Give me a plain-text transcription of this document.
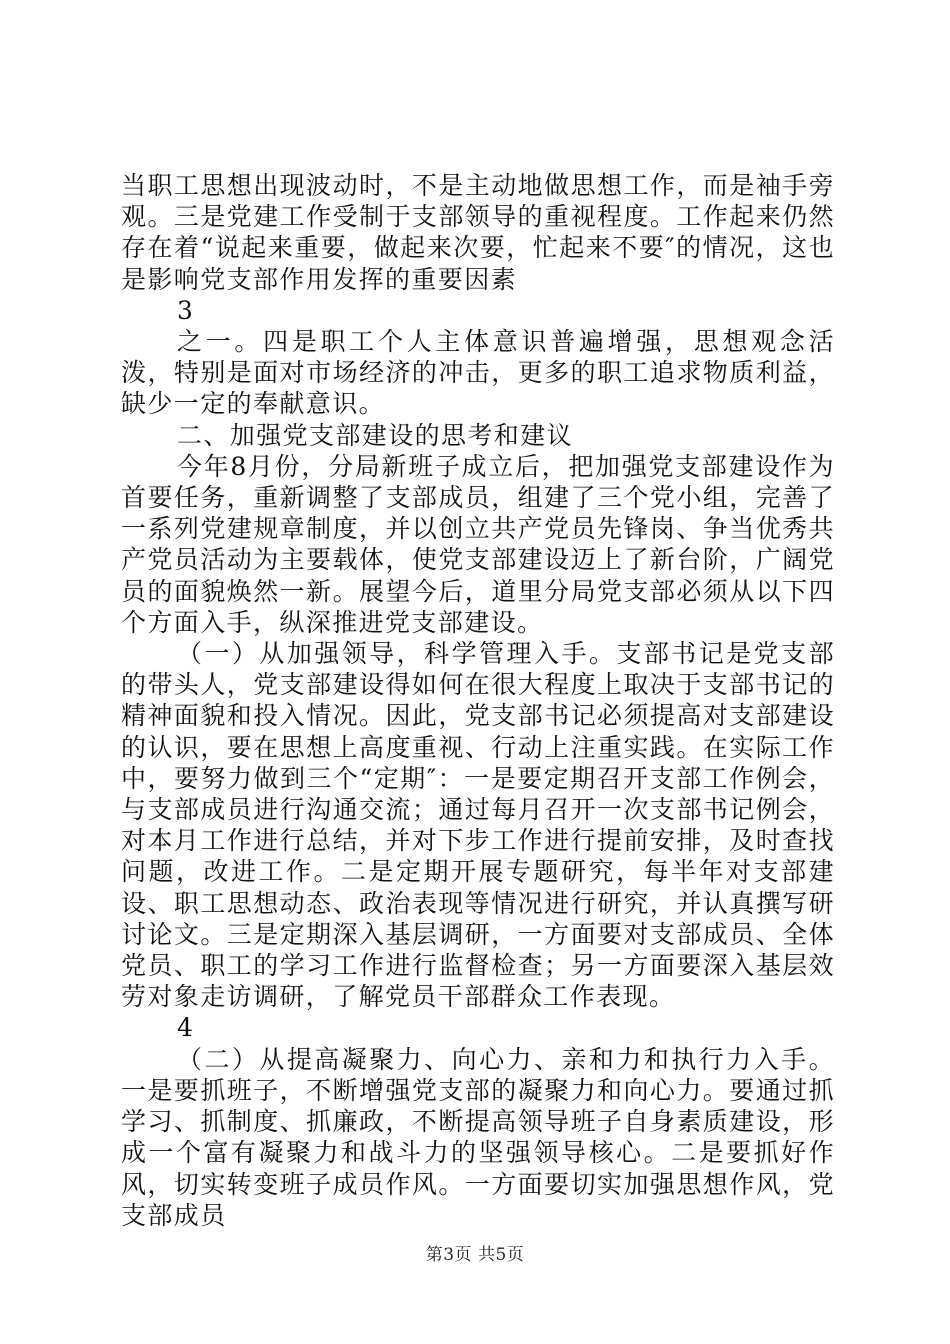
当职工思想出现波动时，不是主动地做思想工作，而是袖手旁观。三是党建工作受制于支部领导的重视程度。工作起来仍然存在着“说起来重要，做起来次要，忙起来不要″的情况，这也是影响党支部作用发挥的重要因素

3

之一。四是职工个人主体意识普遍增强，思想观念活泼，特别是面对市场经济的冲击，更多的职工追求物质利益，缺少一定的奉献意识。

二、加强党支部建设的思考和建议

今年8月份，分局新班子成立后，把加强党支部建设作为首要任务，重新调整了支部成员，组建了三个党小组，完善了一系列党建规章制度，并以创立共产党员先锋岗、争当优秀共产党员活动为主要载体，使党支部建设迈上了新台阶，广阔党员的面貌焕然一新。展望今后，道里分局党支部必须从以下四个方面入手，纵深推进党支部建设。

（一）从加强领导，科学管理入手。支部书记是党支部的带头人，党支部建设得如何在很大程度上取决于支部书记的精神面貌和投入情况。因此，党支部书记必须提高对支部建设的认识，要在思想上高度重视、行动上注重实践。在实际工作中，要努力做到三个“定期″：一是要定期召开支部工作例会，与支部成员进行沟通交流；通过每月召开一次支部书记例会，对本月工作进行总结，并对下步工作进行提前安排，及时查找问题，改进工作。二是定期开展专题研究，每半年对支部建设、职工思想动态、政治表现等情况进行研究，并认真撰写研讨论文。三是定期深入基层调研，一方面要对支部成员、全体党员、职工的学习工作进行监督检查；另一方面要深入基层效劳对象走访调研，了解党员干部群众工作表现。

4

（二）从提高凝聚力、向心力、亲和力和执行力入手。一是要抓班子，不断增强党支部的凝聚力和向心力。要通过抓学习、抓制度、抓廉政，不断提高领导班子自身素质建设，形成一个富有凝聚力和战斗力的坚强领导核心。二是要抓好作风，切实转变班子成员作风。一方面要切实加强思想作风，党支部成员

第3页 共5页
